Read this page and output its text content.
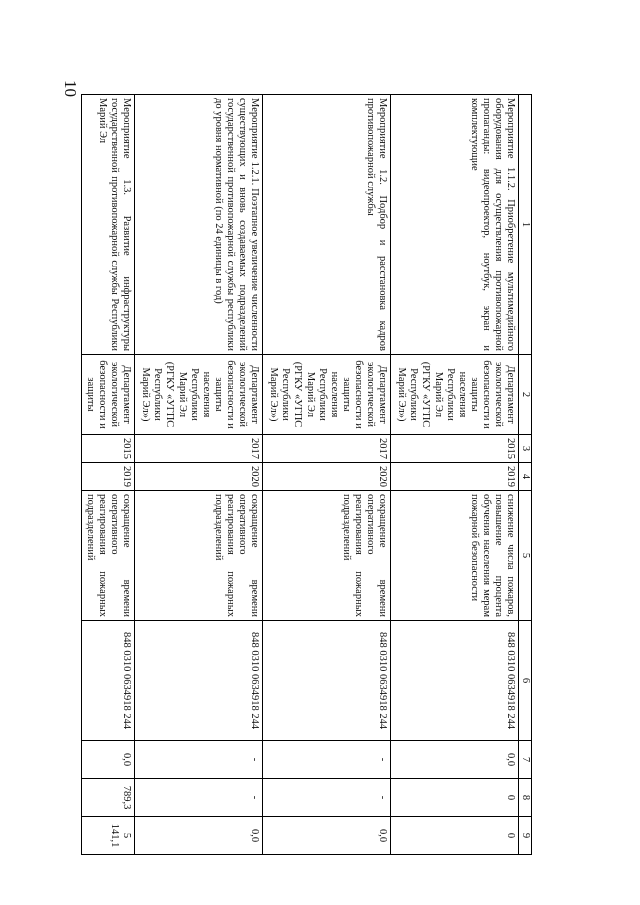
10
1	2	3	4	5	6	7	8	9
Мероприятие 1.1.2. Приобретение мультимедийного оборудования для осуществления противопожарной пропаганды: видеопроектор, ноутбук, экран и комплектующие	Департамент экологической безопасности и защиты населения Республики Марий Эл (РГКУ «УГПС Республики Марий Эл»)	2015	2019	снижение числа пожаров, повышение процента обучения населения мерам пожарной безопасности	848 0310 0634918 244	0,0	0	0
Мероприятие 1.2. Подбор и расстановка кадров противопожарной службы	Департамент экологической безопасности и защиты населения Республики Марий Эл (РГКУ «УГПС Республики Марий Эл»)	2017	2020	сокращение времени оперативного реагирования пожарных подразделений	848 0310 0634918 244	-	-	0,0
Мероприятие 1.2.1. Поэтапное увеличение численности существующих и вновь создаваемых подразделений государственной противопожарной службы республики до уровня нормативной (по 24 единицы в год)	Департамент экологической безопасности и защиты населения Республики Марий Эл (РГКУ «УГПС Республики Марий Эл»)	2017	2020	сокращение времени оперативного реагирования пожарных подразделений	848 0310 0634918 244	-	-	0,0
Мероприятие 1.3. Развитие инфраструктуры государственной противопожарной службы Республики Марий Эл	Департамент экологической безопасности и защиты	2015	2019	сокращение времени оперативного реагирования пожарных подразделений	848 0310 0634918 244	0,0	789,3	5 141,1
